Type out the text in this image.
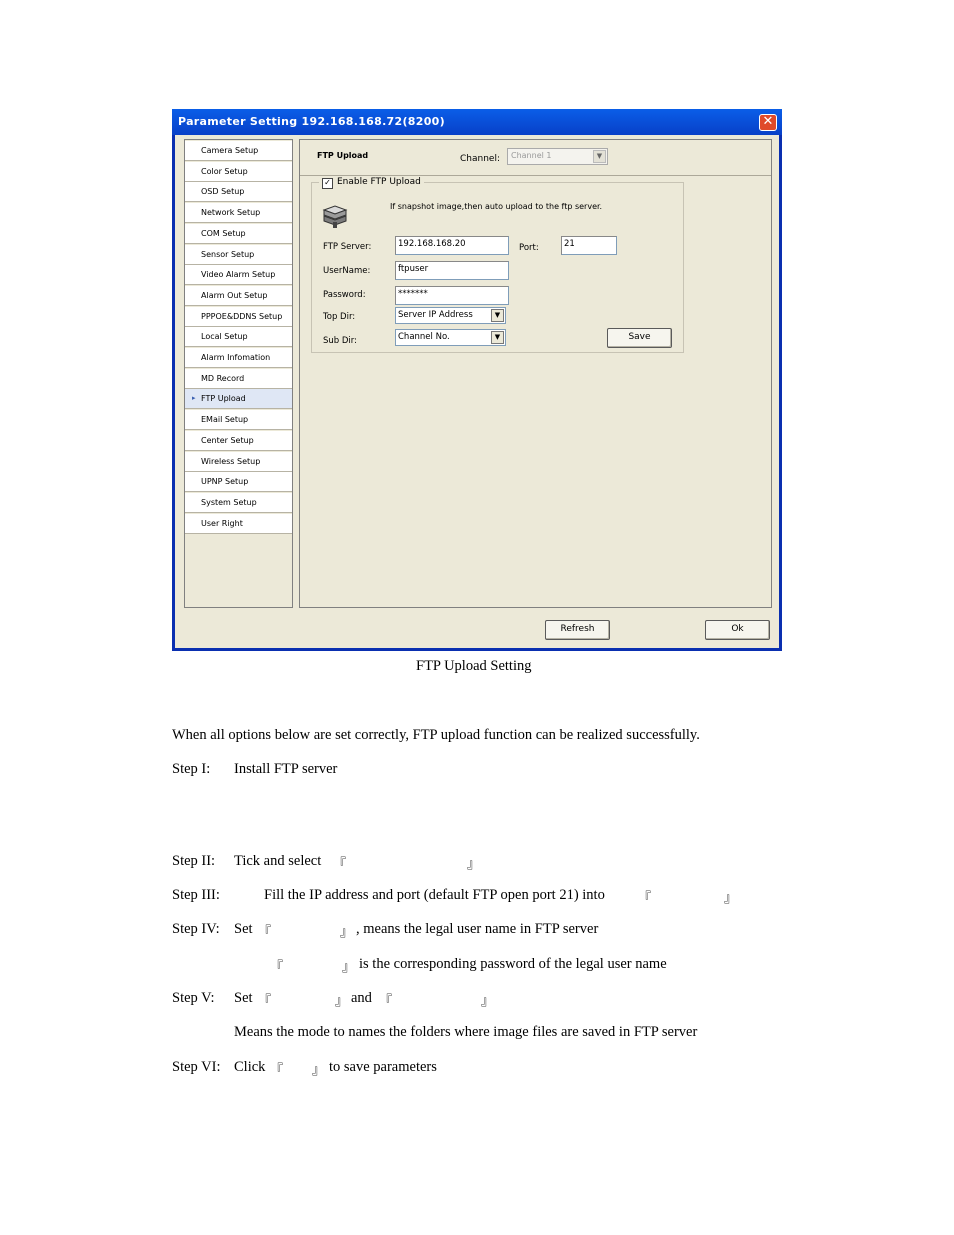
Parameter Setting 192.168.168.72(8200)	✕
Camera Setup
Color Setup
OSD Setup
Network Setup
COM Setup
Sensor Setup
Video Alarm Setup
Alarm Out Setup
PPPOE&DDNS Setup
Local Setup
Alarm Infomation
MD Record
▸ FTP Upload
EMail Setup
Center Setup
Wireless Setup
UPNP Setup
System Setup
User Right
FTP Upload	Channel: Channel 1	▼
✓ Enable FTP Upload
If snapshot image,then auto upload to the ftp server.
FTP Server:	192.168.168.20	Port:	21
UserName:	ftpuser
Password:	*******
Top Dir:	Server IP Address	▼
Sub Dir:	Channel No.	▼	Save
Refresh	Ok
FTP Upload Setting
When all options below are set correctly, FTP upload function can be realized successfully.
Step I: Install FTP server
Step II: Tick and select 『	』
Step III:	Fill the IP address and port (default FTP open port 21) into	『	』
Step IV: Set 『	』 , means the legal user name in FTP server
『	』 is the corresponding password of the legal user name
Step V: Set 『	』 and 『	』
Means the mode to names the folders where image files are saved in FTP server
Step VI: Click 『 』 to save parameters
